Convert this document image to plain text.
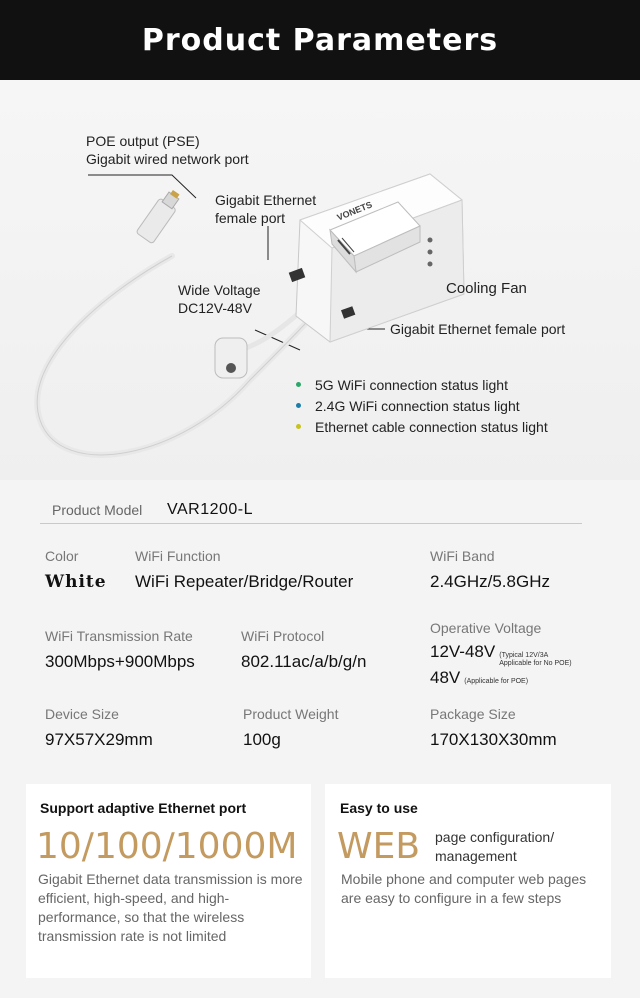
Product Parameters
POE output (PSE)
Gigabit wired network port
Gigabit Ethernet
female port
Wide Voltage
DC12V-48V
Cooling Fan
Gigabit Ethernet female port
VONETS
5G WiFi connection status light
2.4G WiFi connection status light
Ethernet cable connection status light
Product Model	VAR1200-L
Color
White
WiFi Function
WiFi Repeater/Bridge/Router
WiFi Band
2.4GHz/5.8GHz
WiFi Transmission Rate
300Mbps+900Mbps
WiFi Protocol
802.11ac/a/b/g/n
Operative Voltage
12V-48V (Typical 12V/3A
Applicable for No POE)
48V (Applicable for POE)
Device Size
97X57X29mm
Product Weight
100g
Package Size
170X130X30mm
Support adaptive Ethernet port
10/100/1000M
Gigabit Ethernet data transmission is more efficient, high-speed, and high-performance, so that the wireless transmission rate is not limited
Easy to use
WEB page configuration/ management
Mobile phone and computer web pages are easy to configure in a few steps
